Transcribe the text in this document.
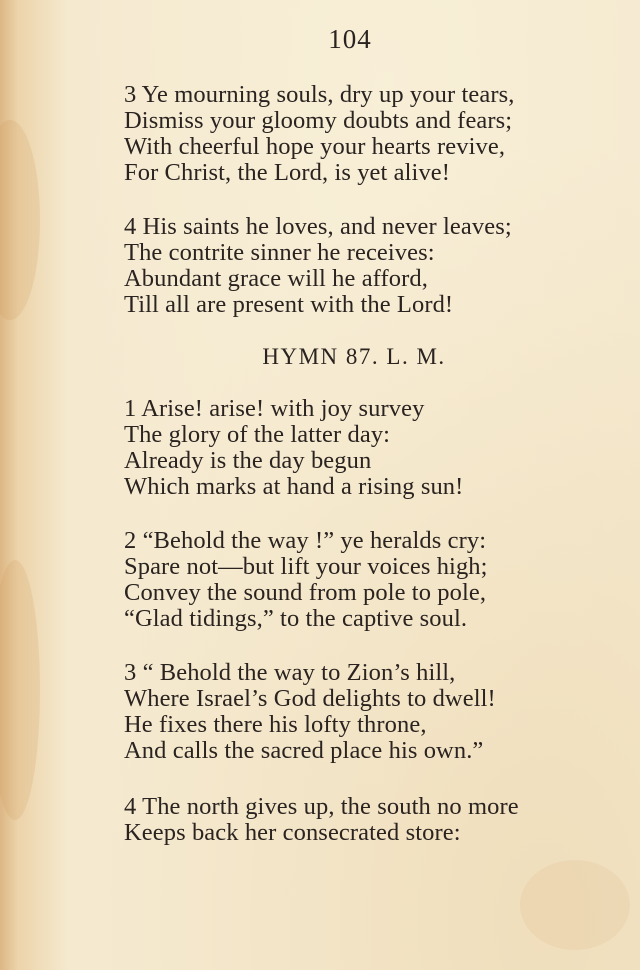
104
3 Ye mourning souls, dry up your tears,
Dismiss your gloomy doubts and fears;
With cheerful hope your hearts revive,
For Christ, the Lord, is yet alive!
4 His saints he loves, and never leaves;
The contrite sinner he receives:
Abundant grace will he afford,
Till all are present with the Lord!
HYMN 87. L. M.
1 Arise! arise! with joy survey
The glory of the latter day:
Already is the day begun
Which marks at hand a rising sun!
2 “Behold the way !” ye heralds cry:
Spare not—but lift your voices high;
Convey the sound from pole to pole,
“Glad tidings,” to the captive soul.
3 “ Behold the way to Zion’s hill,
Where Israel’s God delights to dwell!
He fixes there his lofty throne,
And calls the sacred place his own.”
4 The north gives up, the south no more
Keeps back her consecrated store:
